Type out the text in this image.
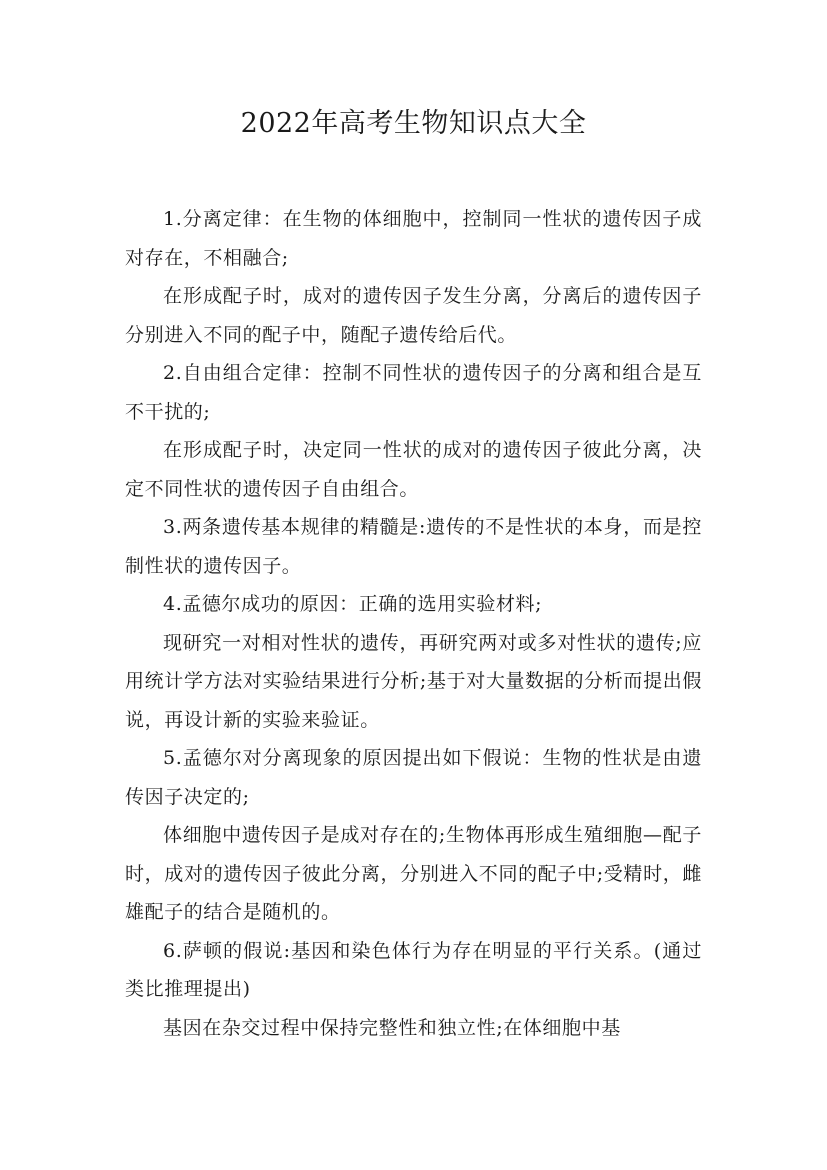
2022年高考生物知识点大全

1.分离定律：在生物的体细胞中，控制同一性状的遗传因子成对存在，不相融合;

在形成配子时，成对的遗传因子发生分离，分离后的遗传因子分别进入不同的配子中，随配子遗传给后代。

2.自由组合定律：控制不同性状的遗传因子的分离和组合是互不干扰的;

在形成配子时，决定同一性状的成对的遗传因子彼此分离，决定不同性状的遗传因子自由组合。

3.两条遗传基本规律的精髓是:遗传的不是性状的本身，而是控制性状的遗传因子。

4.孟德尔成功的原因：正确的选用实验材料;

现研究一对相对性状的遗传，再研究两对或多对性状的遗传;应用统计学方法对实验结果进行分析;基于对大量数据的分析而提出假说，再设计新的实验来验证。

5.孟德尔对分离现象的原因提出如下假说：生物的性状是由遗传因子决定的;

体细胞中遗传因子是成对存在的;生物体再形成生殖细胞—配子时，成对的遗传因子彼此分离，分别进入不同的配子中;受精时，雌雄配子的结合是随机的。

6.萨顿的假说:基因和染色体行为存在明显的平行关系。(通过类比推理提出)

基因在杂交过程中保持完整性和独立性;在体细胞中基
